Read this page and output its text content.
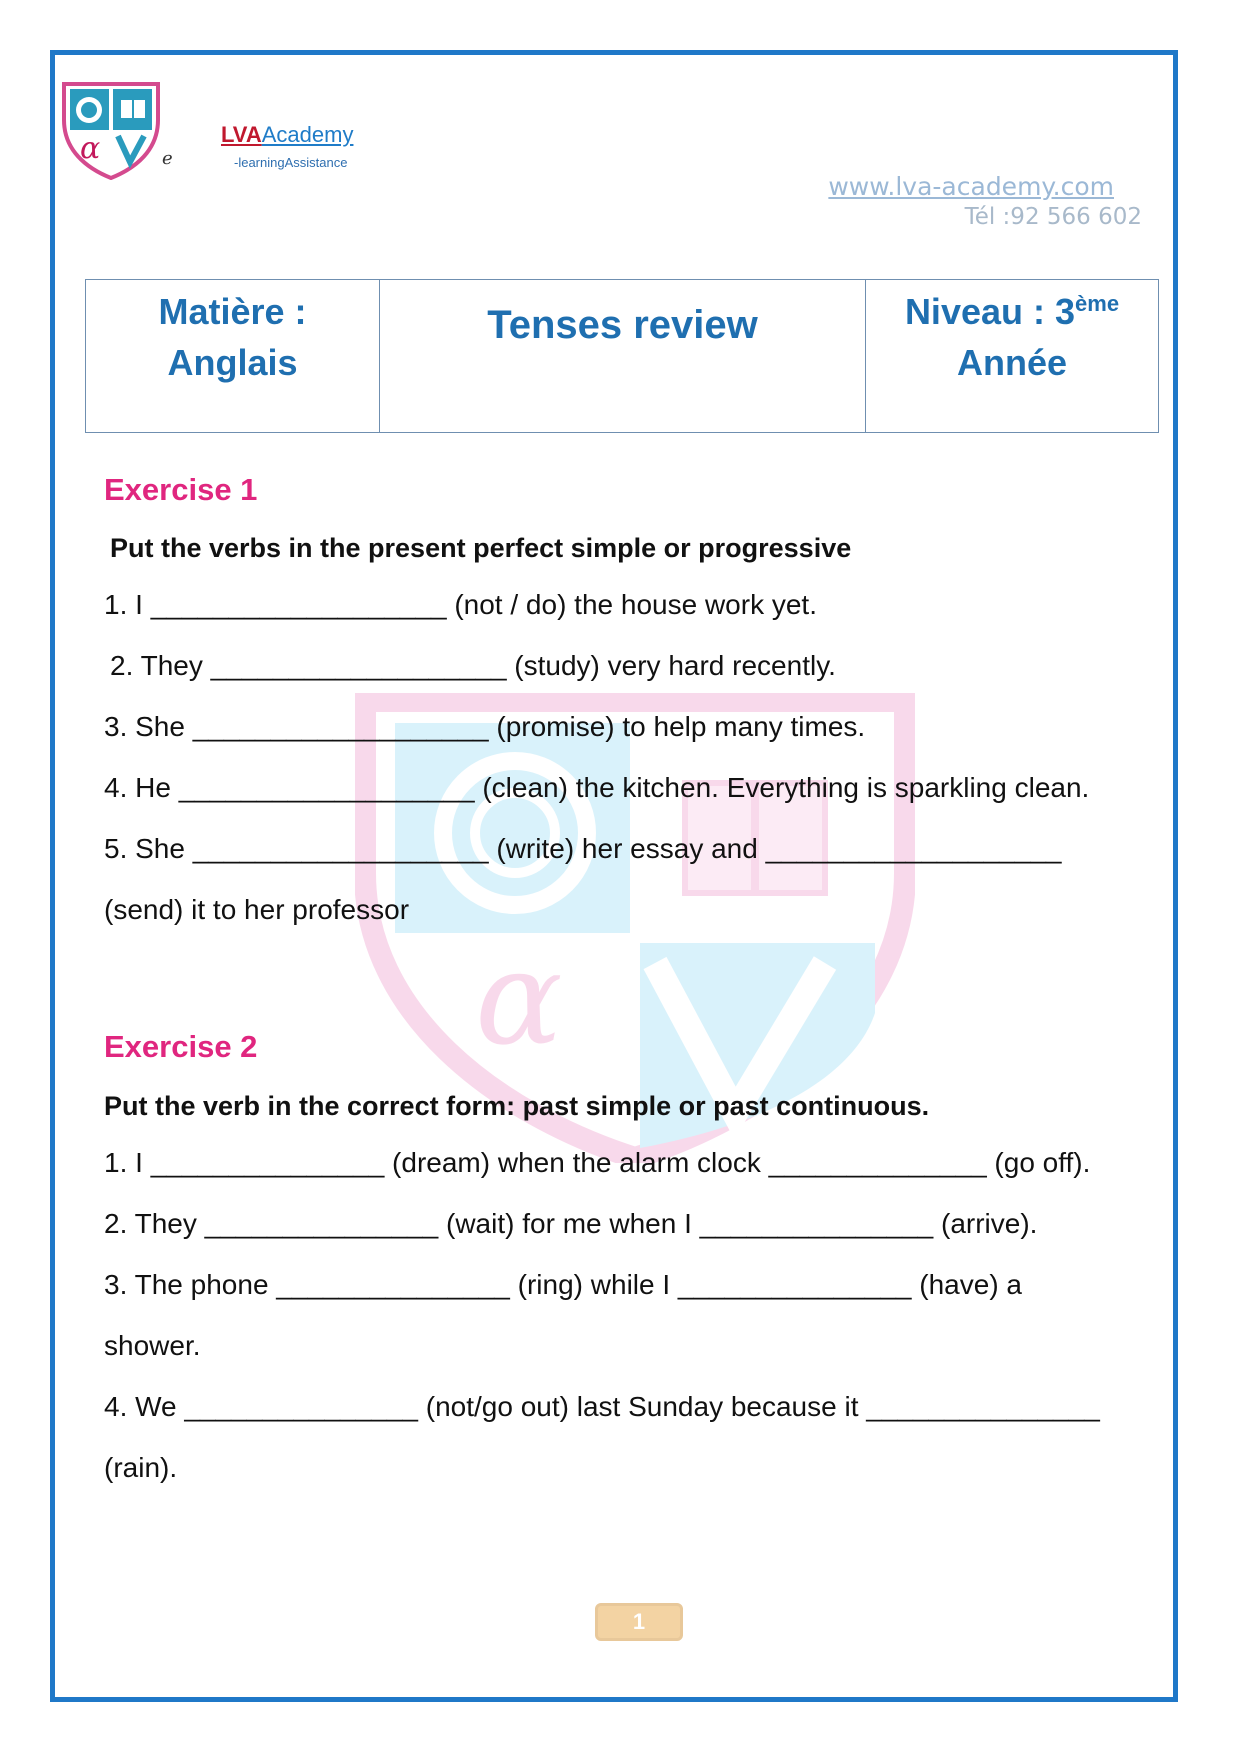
α	e
LVAAcademy
-learningAssistance
www.lva-academy.com
Tél :92 566 602
Matière :
Anglais
Tenses review	Niveau : 3ème
Année
α
Exercise 1
Put the verbs in the present perfect simple or progressive
1. I ___________________ (not / do) the house work yet.
2. They ___________________ (study) very hard recently.
3. She ___________________ (promise) to help many times.
4. He ___________________ (clean) the kitchen. Everything is sparkling clean.
5. She ___________________ (write) her essay and ___________________
(send) it to her professor
Exercise 2
Put the verb in the correct form: past simple or past continuous.
1. I _______________ (dream) when the alarm clock ______________ (go off).
2. They _______________ (wait) for me when I _______________ (arrive).
3. The phone _______________ (ring) while I _______________ (have) a
shower.
4. We _______________ (not/go out) last Sunday because it _______________
(rain).
1
